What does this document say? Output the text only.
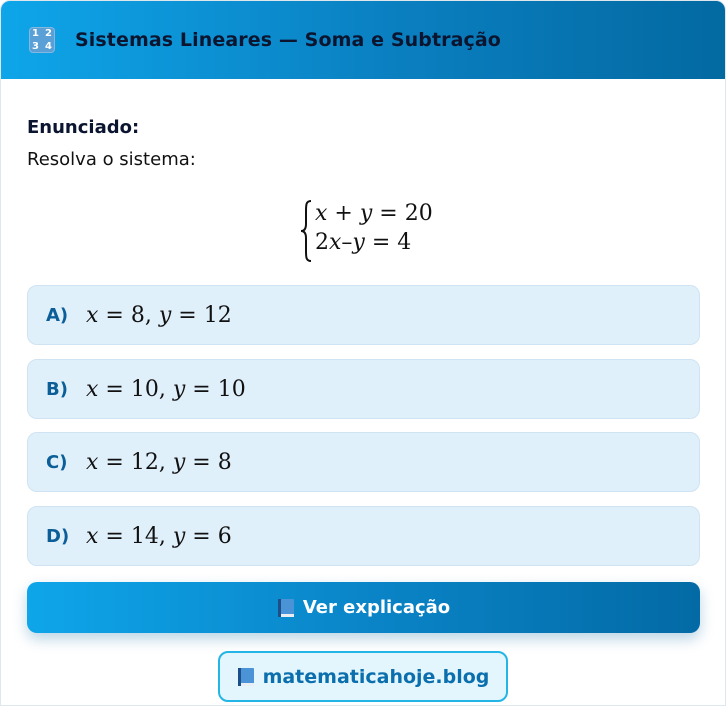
1 2
3 4 Sistemas Lineares — Soma e Subtração
Enunciado:
Resolva o sistema:
x + y = 20
2x–y = 4
A) x = 8, y = 12
B) x = 10, y = 10
C) x = 12, y = 8
D) x = 14, y = 6
Ver explicação
matematicahoje.blog
